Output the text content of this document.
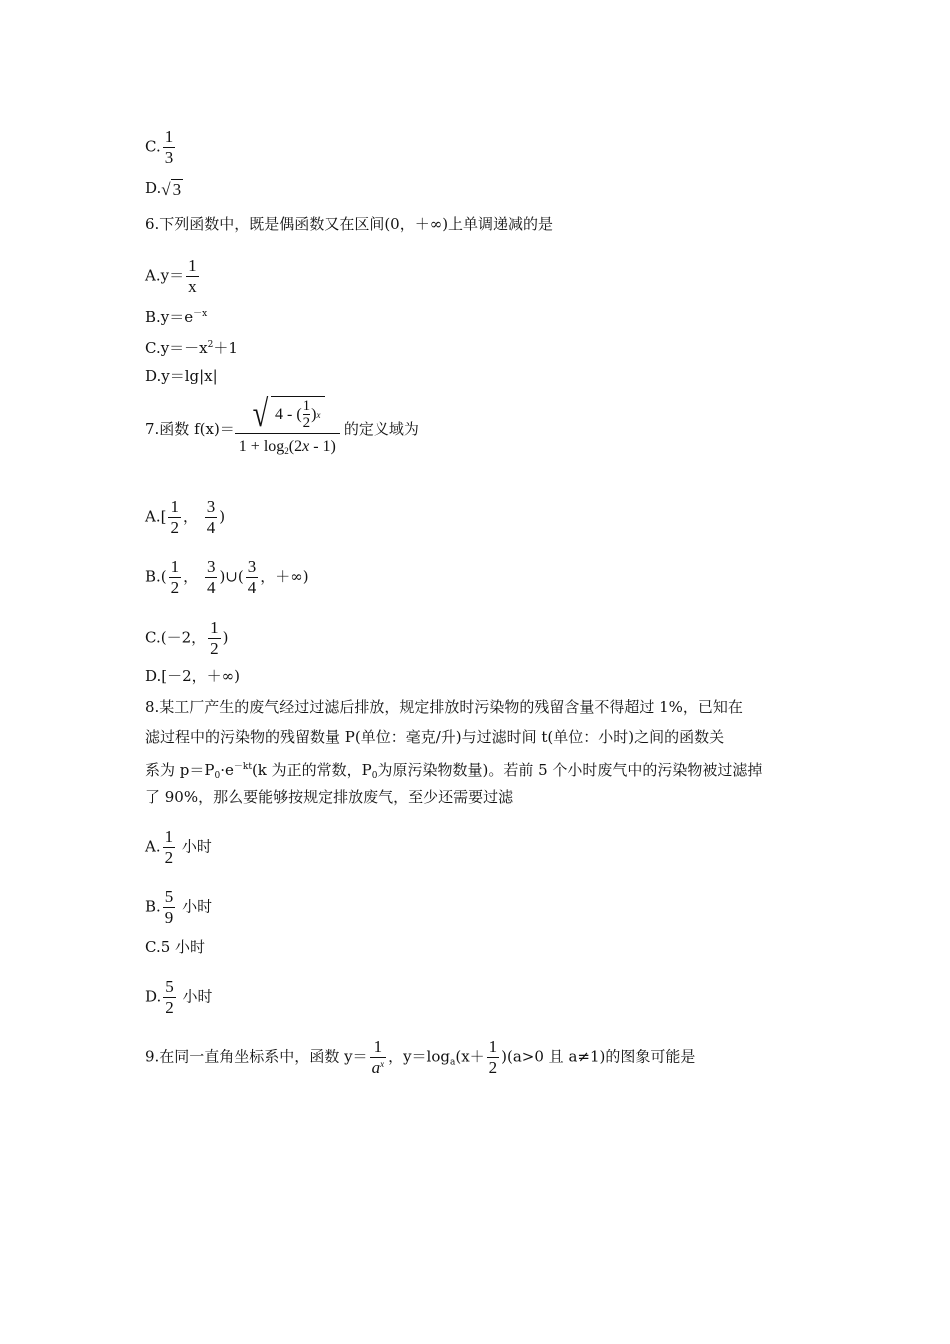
C. $\frac{1}{3}$
D. √ 3
6.下列函数中，既是偶函数又在区间(0，＋∞)上单调递减的是
$A.y= \frac{1}{x}$
$B.y=e^{-x}$
$C.y=-x^2+1$
D.y＝lg|x|
7.函数 f(x)＝ √ 4 - ( 1
2 ) x
$1 + \log_2(2x - 1)$
的定义域为
$A.[ \frac{1}{2}$ ， $\frac{3}{4}$ )
$B.( \frac{1}{2}$ ， $\frac{3}{4}$ )∪( $\frac{3}{4}$ ，＋∞)
C.(－2， $\frac{1}{2}$ )
D.[－2，＋∞)
8.某工厂产生的废气经过过滤后排放，规定排放时污染物的残留含量不得超过 1%，已知在
滤过程中的污染物的残留数量 P(单位：毫克/升)与过滤时间 t(单位：小时)之间的函数关
系为 $p=P_0\cdot e^{-kt}(k$ 为正的常数，$P_0$为原污染物数量)。若前 5 个小时废气中的污染物被过滤掉
了 90%，那么要能够按规定排放废气，至少还需要过滤
A. $\frac{1}{2}$ 小时
B. $\frac{5}{9}$ 小时
C.5 小时
D. $\frac{5}{2}$ 小时
9.在同一直角坐标系中，函数 $y= \frac{1}{a^x}$ ，$y=\log_a(x+ \frac{1}{2} )(a>0$ 且 a≠1)的图象可能是
